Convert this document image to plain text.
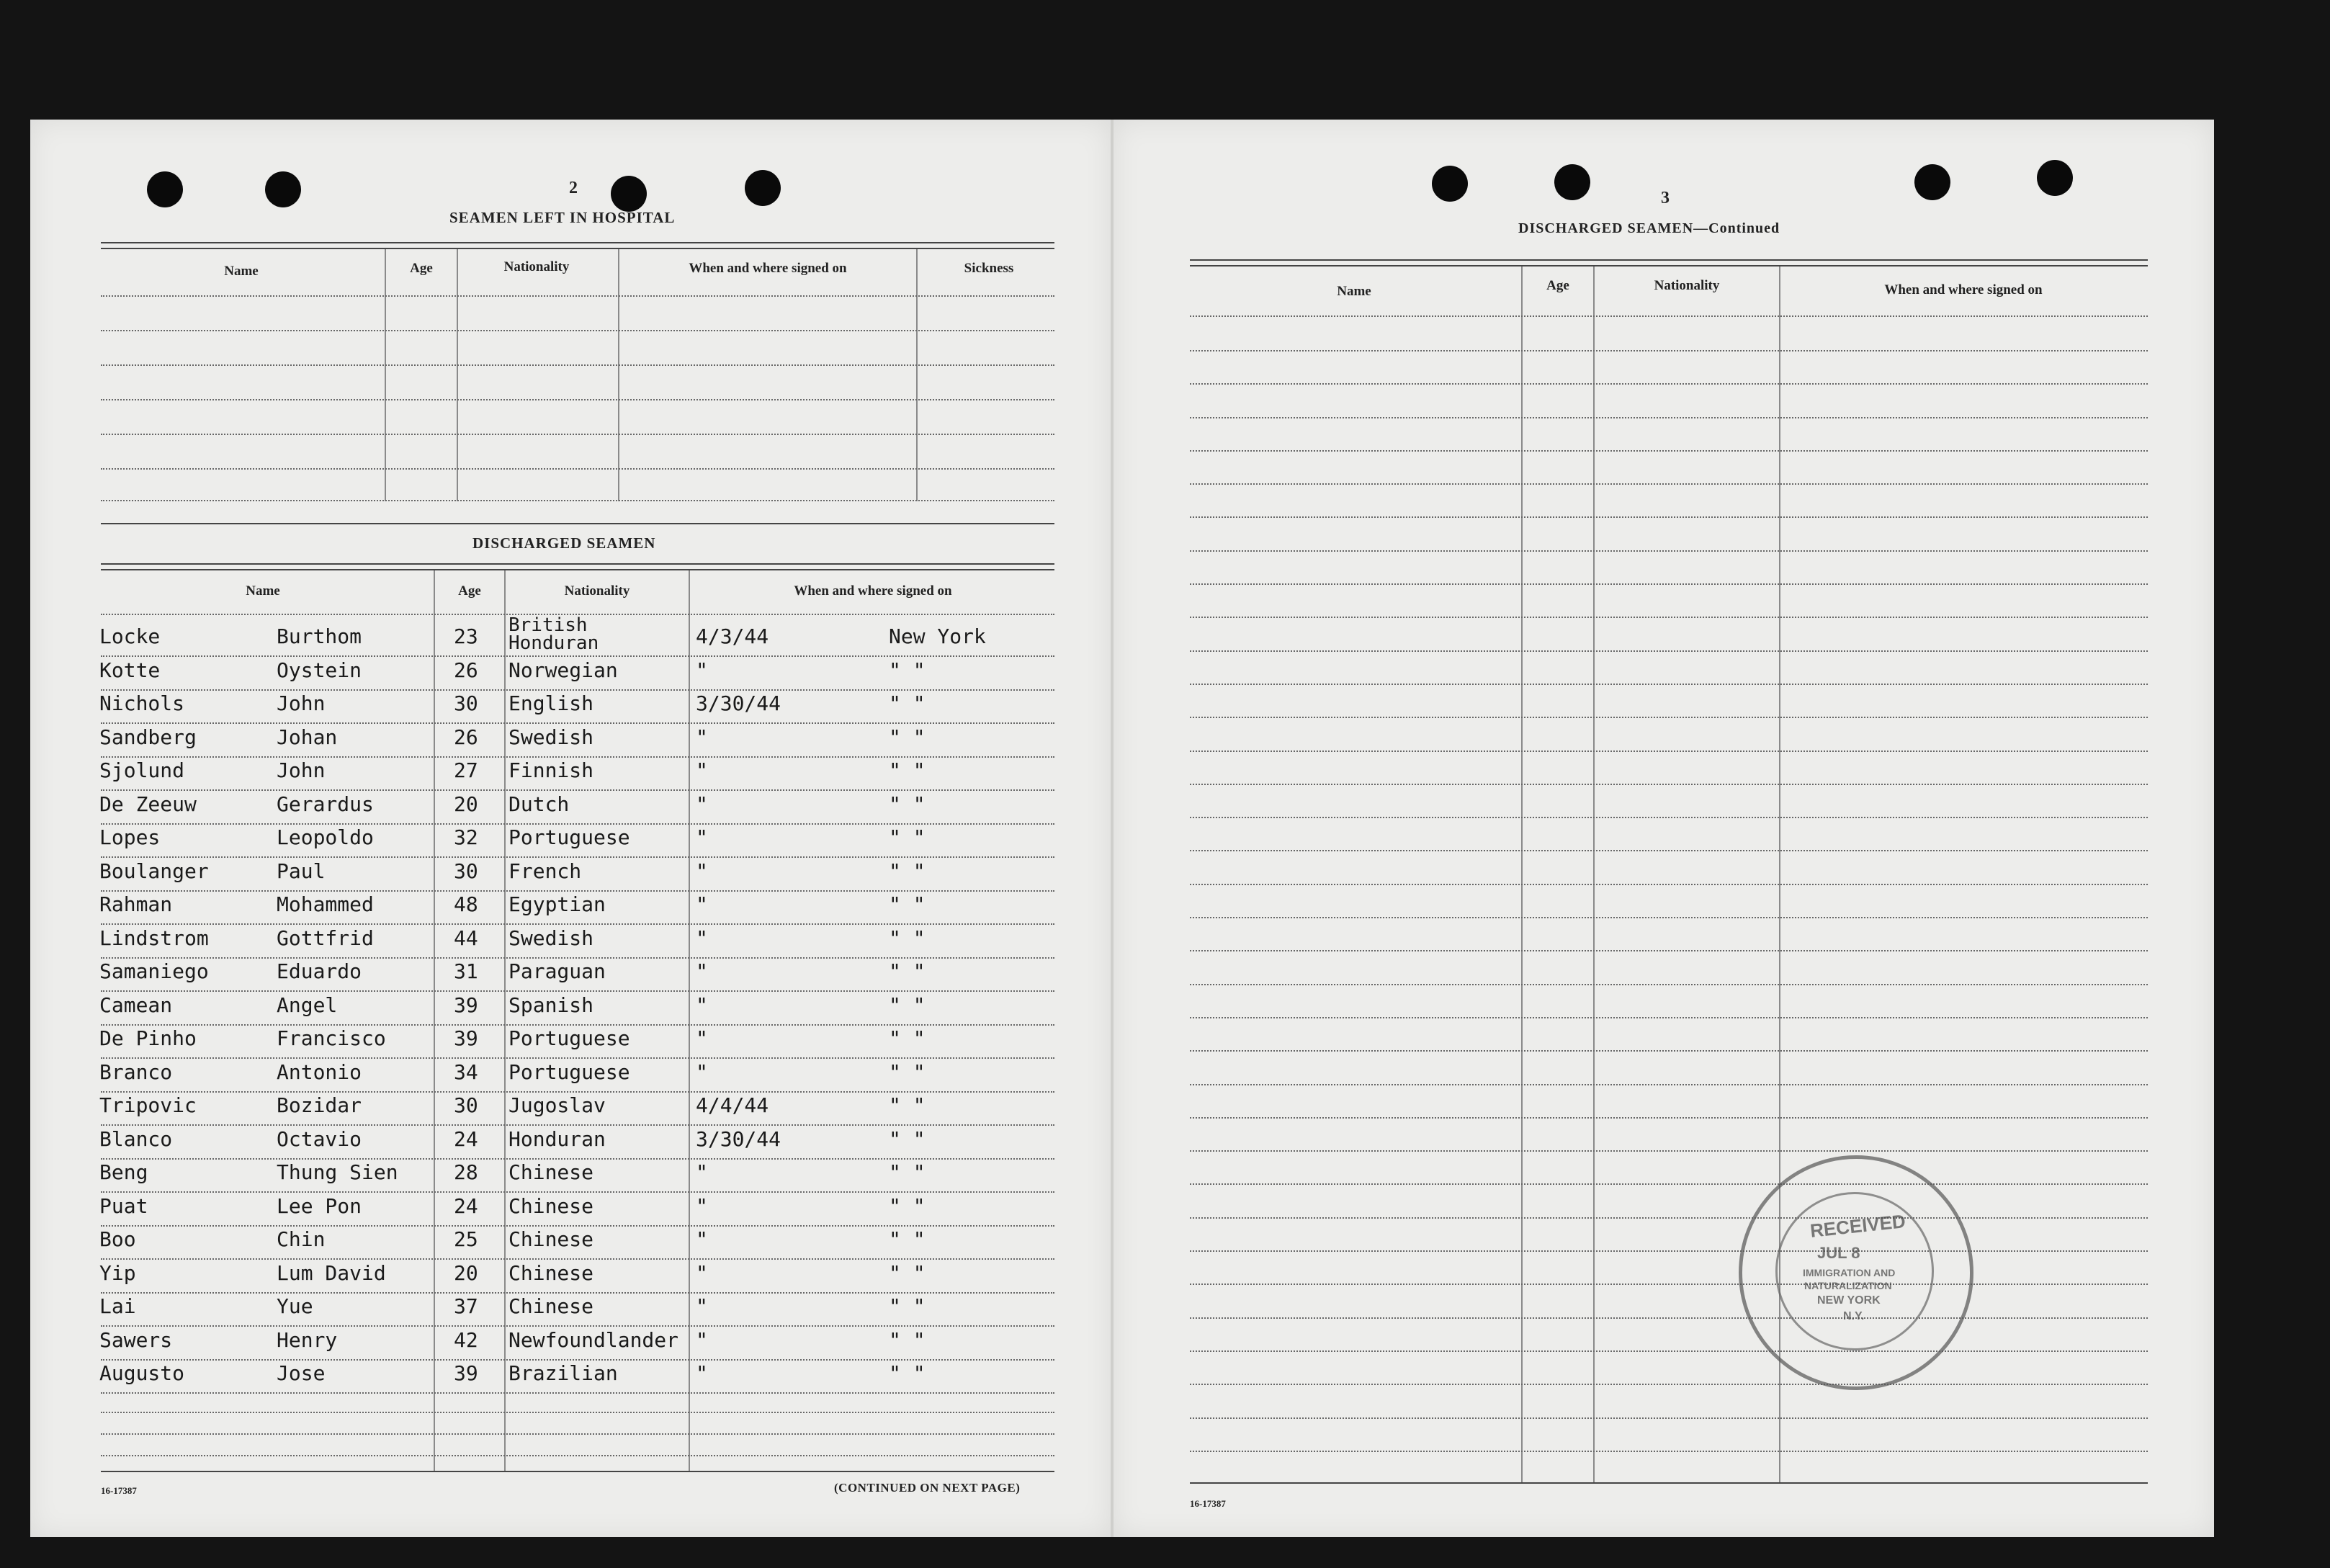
2
SEAMEN LEFT IN HOSPITAL
Name	Age	Nationality	When and where signed on	Sickness
DISCHARGED SEAMEN
Name	Age	Nationality	When and where signed on
Locke	Burthom	23 British Honduran	4/3/44	New York
Kotte	Oystein	26 Norwegian	"	" "
Nichols	John	30 English	3/30/44	" "
Sandberg	Johan	26 Swedish	"	" "
Sjolund	John	27 Finnish	"	" "
De Zeeuw	Gerardus	20 Dutch	"	" "
Lopes	Leopoldo	32 Portuguese	"	" "
Boulanger	Paul	30 French	"	" "
Rahman	Mohammed	48 Egyptian	"	" "
Lindstrom	Gottfrid	44 Swedish	"	" "
Samaniego	Eduardo	31 Paraguan	"	" "
Camean	Angel	39 Spanish	"	" "
De Pinho	Francisco	39 Portuguese	"	" "
Branco	Antonio	34 Portuguese	"	" "
Tripovic	Bozidar	30 Jugoslav	4/4/44	" "
Blanco	Octavio	24 Honduran	3/30/44	" "
Beng	Thung Sien	28 Chinese	"	" "
Puat	Lee Pon	24 Chinese	"	" "
Boo	Chin	25 Chinese	"	" "
Yip	Lum David	20 Chinese	"	" "
Lai	Yue	37 Chinese	"	" "
Sawers	Henry	42 Newfoundlander "	" "
Augusto	Jose	39 Brazilian	"	" "
16-17387	(CONTINUED ON NEXT PAGE)
3
DISCHARGED SEAMEN—Continued
Name	Age	Nationality	When and where signed on
16-17387
RECEIVED
JUL 8
IMMIGRATION AND
NATURALIZATION
NEW YORK
N.Y.
